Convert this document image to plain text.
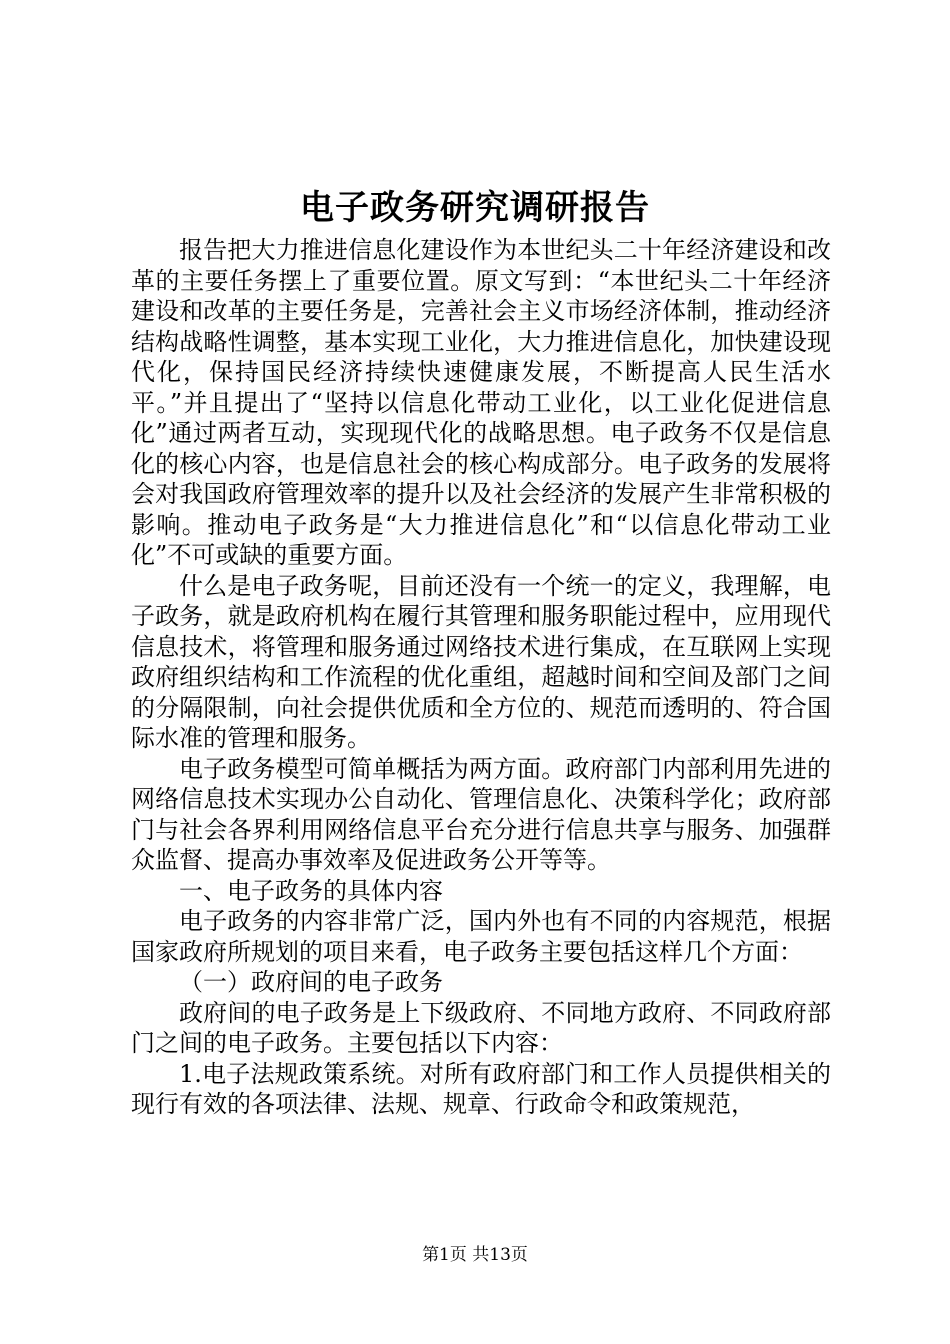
电子政务研究调研报告

报告把大力推进信息化建设作为本世纪头二十年经济建设和改革的主要任务摆上了重要位置。原文写到：“本世纪头二十年经济建设和改革的主要任务是，完善社会主义市场经济体制，推动经济结构战略性调整，基本实现工业化，大力推进信息化，加快建设现代化，保持国民经济持续快速健康发展，不断提高人民生活水平。”并且提出了“坚持以信息化带动工业化，以工业化促进信息化”通过两者互动，实现现代化的战略思想。电子政务不仅是信息化的核心内容，也是信息社会的核心构成部分。电子政务的发展将会对我国政府管理效率的提升以及社会经济的发展产生非常积极的影响。推动电子政务是“大力推进信息化”和“以信息化带动工业化”不可或缺的重要方面。

什么是电子政务呢，目前还没有一个统一的定义，我理解，电子政务，就是政府机构在履行其管理和服务职能过程中，应用现代信息技术，将管理和服务通过网络技术进行集成，在互联网上实现政府组织结构和工作流程的优化重组，超越时间和空间及部门之间的分隔限制，向社会提供优质和全方位的、规范而透明的、符合国际水准的管理和服务。

电子政务模型可简单概括为两方面。政府部门内部利用先进的网络信息技术实现办公自动化、管理信息化、决策科学化；政府部门与社会各界利用网络信息平台充分进行信息共享与服务、加强群众监督、提高办事效率及促进政务公开等等。

一、电子政务的具体内容

电子政务的内容非常广泛，国内外也有不同的内容规范，根据国家政府所规划的项目来看，电子政务主要包括这样几个方面：

（一）政府间的电子政务

政府间的电子政务是上下级政府、不同地方政府、不同政府部门之间的电子政务。主要包括以下内容：

1.电子法规政策系统。对所有政府部门和工作人员提供相关的现行有效的各项法律、法规、规章、行政命令和政策规范，

第1页 共13页
